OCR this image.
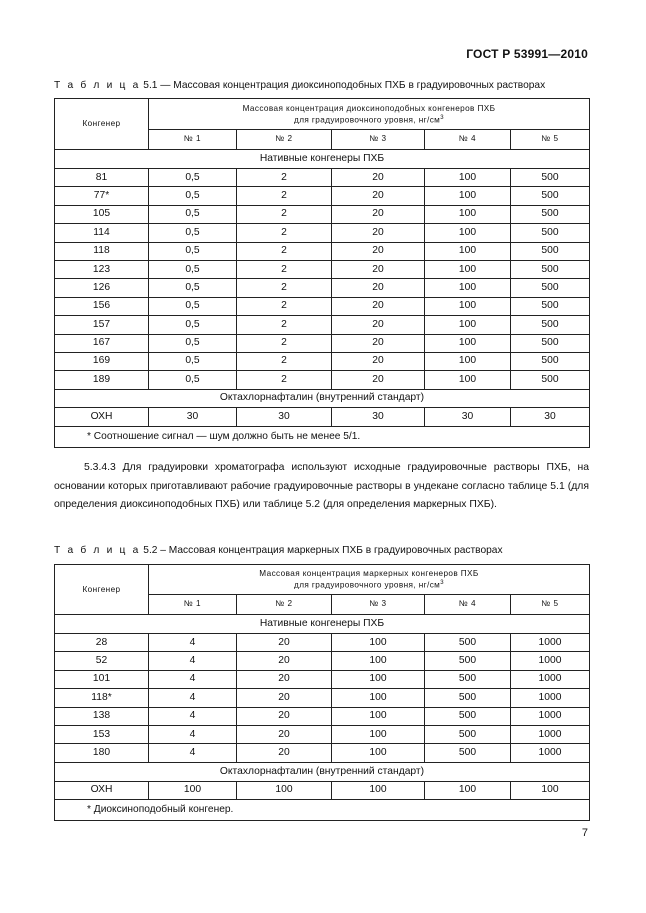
ГОСТ Р 53991—2010
Т а б л и ц а 5.1 — Массовая концентрация диоксиноподобных ПХБ в градуировочных растворах
Конгенер	Массовая концентрация диоксиноподобных конгенеров ПХБ
для градуировочного уровня, $нг/см^3$
	№ 1	№ 2	№ 3	№ 4	№ 5
Нативные конгенеры ПХБ					
81	0,5	2	20	100	500
77*	0,5	2	20	100	500
105	0,5	2	20	100	500
114	0,5	2	20	100	500
118	0,5	2	20	100	500
123	0,5	2	20	100	500
126	0,5	2	20	100	500
156	0,5	2	20	100	500
157	0,5	2	20	100	500
167	0,5	2	20	100	500
169	0,5	2	20	100	500
189	0,5	2	20	100	500
Октахлорнафталин (внутренний стандарт)					
ОХН	30	30	30	30	30
* Соотношение сигнал — шум должно быть не менее 5/1.					

5.3.4.3 Для градуировки хроматографа используют исходные градуировочные растворы ПХБ, на основании которых приготавливают рабочие градуировочные растворы в ундекане согласно таблице 5.1 (для определения диоксиноподобных ПХБ) или таблице 5.2 (для определения маркерных ПХБ).

Т а б л и ц а 5.2 – Массовая концентрация маркерных ПХБ в градуировочных растворах
Конгенер	Массовая концентрация маркерных конгенеров ПХБ
для градуировочного уровня, $нг/см^3$
	№ 1	№ 2	№ 3	№ 4	№ 5
Нативные конгенеры ПХБ					
28	4	20	100	500	1000
52	4	20	100	500	1000
101	4	20	100	500	1000
118*	4	20	100	500	1000
138	4	20	100	500	1000
153	4	20	100	500	1000
180	4	20	100	500	1000
Октахлорнафталин (внутренний стандарт)					
ОХН	100	100	100	100	100
* Диоксиноподобный конгенер.					
7
